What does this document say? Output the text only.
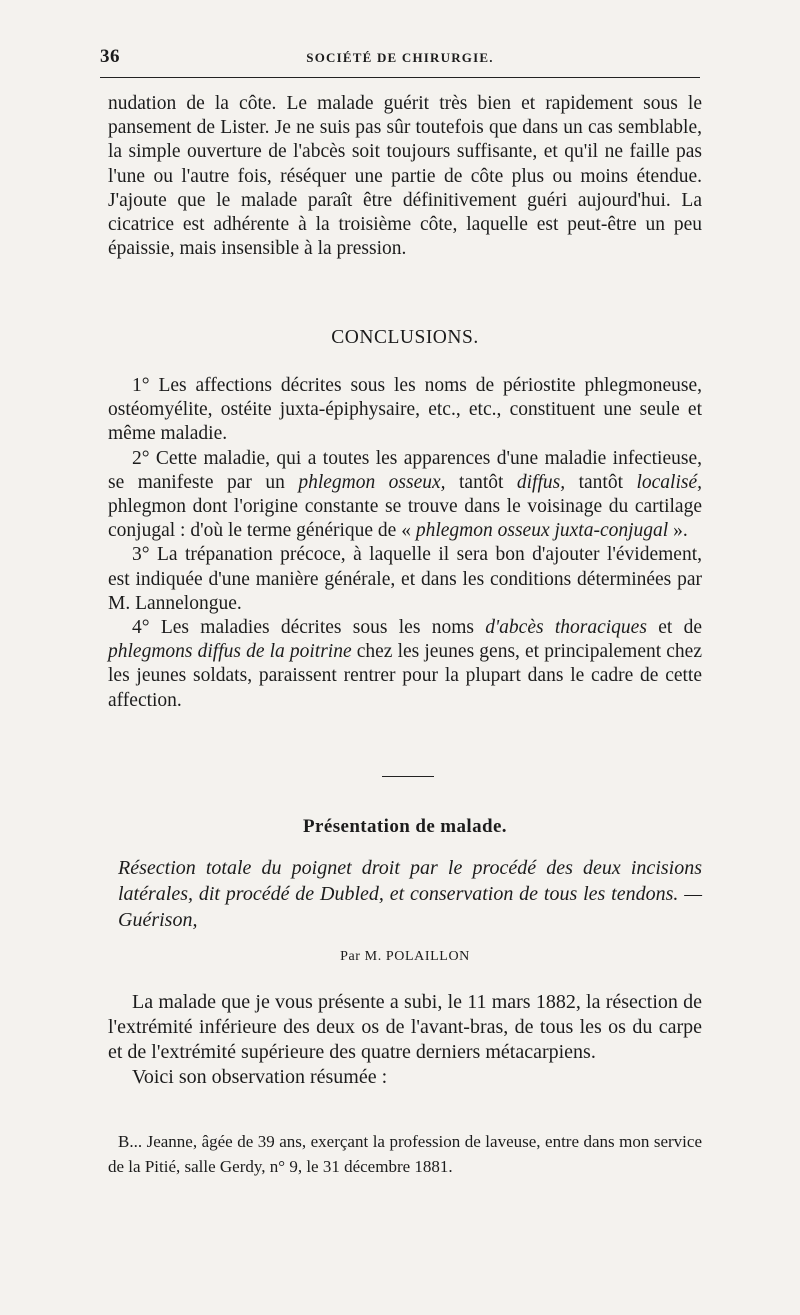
36	SOCIÉTÉ DE CHIRURGIE.

nudation de la côte. Le malade guérit très bien et rapidement sous le pansement de Lister. Je ne suis pas sûr toutefois que dans un cas semblable, la simple ouverture de l'abcès soit toujours suffisante, et qu'il ne faille pas l'une ou l'autre fois, réséquer une partie de côte plus ou moins étendue. J'ajoute que le malade paraît être définitivement guéri aujourd'hui. La cicatrice est adhérente à la troisième côte, laquelle est peut-être un peu épaissie, mais insensible à la pression.

CONCLUSIONS.

1° Les affections décrites sous les noms de périostite phlegmoneuse, ostéomyélite, ostéite juxta-épiphysaire, etc., etc., constituent une seule et même maladie.

2° Cette maladie, qui a toutes les apparences d'une maladie infectieuse, se manifeste par un phlegmon osseux, tantôt diffus, tantôt localisé, phlegmon dont l'origine constante se trouve dans le voisinage du cartilage conjugal : d'où le terme générique de « phlegmon osseux juxta-conjugal ».

3° La trépanation précoce, à laquelle il sera bon d'ajouter l'évidement, est indiquée d'une manière générale, et dans les conditions déterminées par M. Lannelongue.

4° Les maladies décrites sous les noms d'abcès thoraciques et de phlegmons diffus de la poitrine chez les jeunes gens, et principalement chez les jeunes soldats, paraissent rentrer pour la plupart dans le cadre de cette affection.

Présentation de malade.

Résection totale du poignet droit par le procédé des deux incisions latérales, dit procédé de Dubled, et conservation de tous les tendons. — Guérison,

Par M. POLAILLON

La malade que je vous présente a subi, le 11 mars 1882, la résection de l'extrémité inférieure des deux os de l'avant-bras, de tous les os du carpe et de l'extrémité supérieure des quatre derniers métacarpiens.

Voici son observation résumée :

B... Jeanne, âgée de 39 ans, exerçant la profession de laveuse, entre dans mon service de la Pitié, salle Gerdy, n° 9, le 31 décembre 1881.
